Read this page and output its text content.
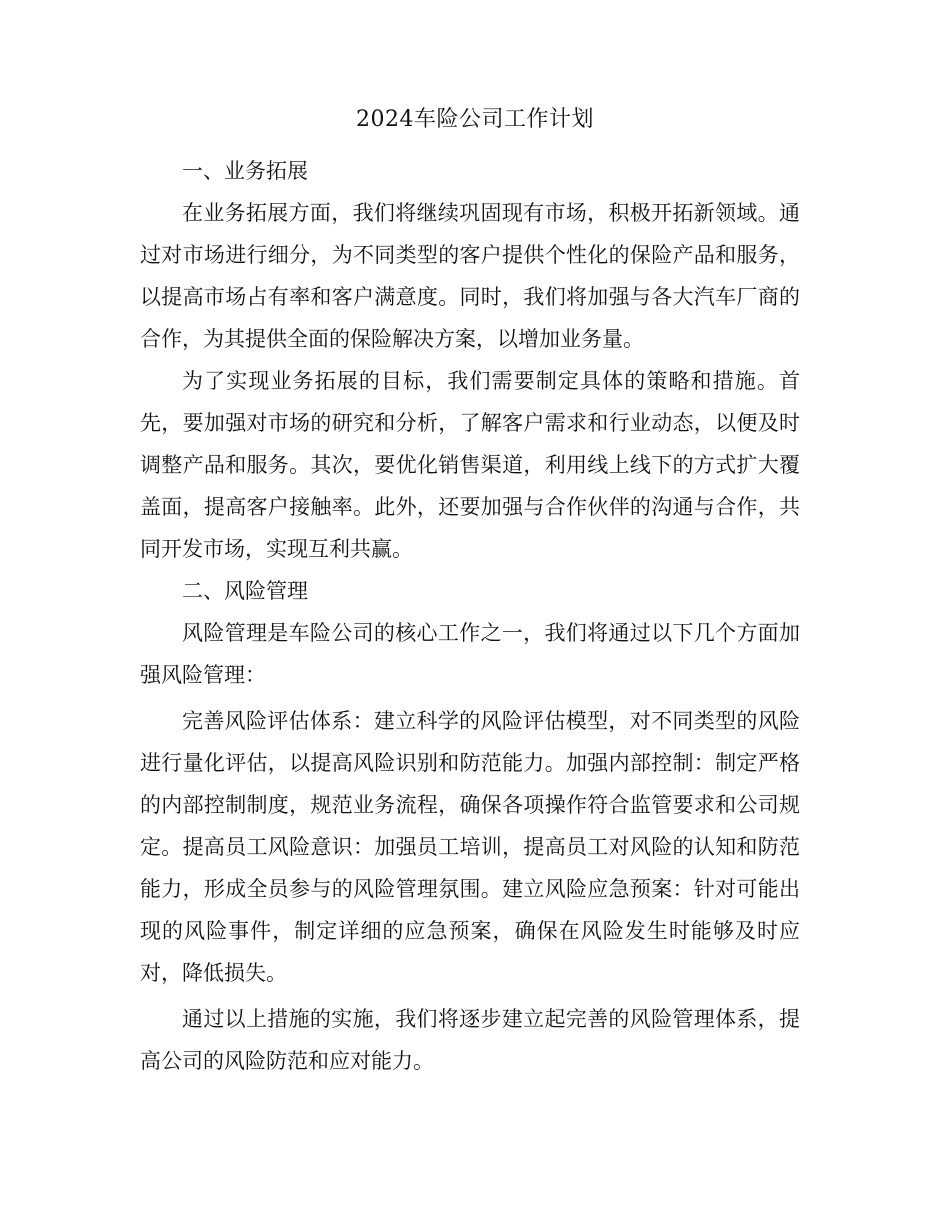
2024车险公司工作计划

一、业务拓展

在业务拓展方面，我们将继续巩固现有市场，积极开拓新领域。通过对市场进行细分，为不同类型的客户提供个性化的保险产品和服务，以提高市场占有率和客户满意度。同时，我们将加强与各大汽车厂商的合作，为其提供全面的保险解决方案，以增加业务量。

为了实现业务拓展的目标，我们需要制定具体的策略和措施。首先，要加强对市场的研究和分析，了解客户需求和行业动态，以便及时调整产品和服务。其次，要优化销售渠道，利用线上线下的方式扩大覆盖面，提高客户接触率。此外，还要加强与合作伙伴的沟通与合作，共同开发市场，实现互利共赢。

二、风险管理

风险管理是车险公司的核心工作之一，我们将通过以下几个方面加强风险管理：

完善风险评估体系：建立科学的风险评估模型，对不同类型的风险进行量化评估，以提高风险识别和防范能力。加强内部控制：制定严格的内部控制制度，规范业务流程，确保各项操作符合监管要求和公司规定。提高员工风险意识：加强员工培训，提高员工对风险的认知和防范能力，形成全员参与的风险管理氛围。建立风险应急预案：针对可能出现的风险事件，制定详细的应急预案，确保在风险发生时能够及时应对，降低损失。

通过以上措施的实施，我们将逐步建立起完善的风险管理体系，提高公司的风险防范和应对能力。
